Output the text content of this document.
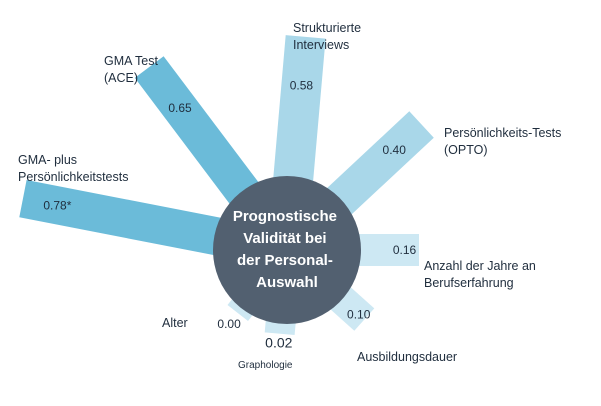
Prognostische Validität bei der Personal- Auswahl
0.78*
GMA- plus Persönlichkeitstests
0.65
GMA Test (ACE)
0.58
Strukturierte Interviews
0.40
Persönlichkeits-Tests (OPTO)
0.16
Anzahl der Jahre an Berufserfahrung
0.10
Ausbildungsdauer
0.02
Graphologie
0.00
Alter
